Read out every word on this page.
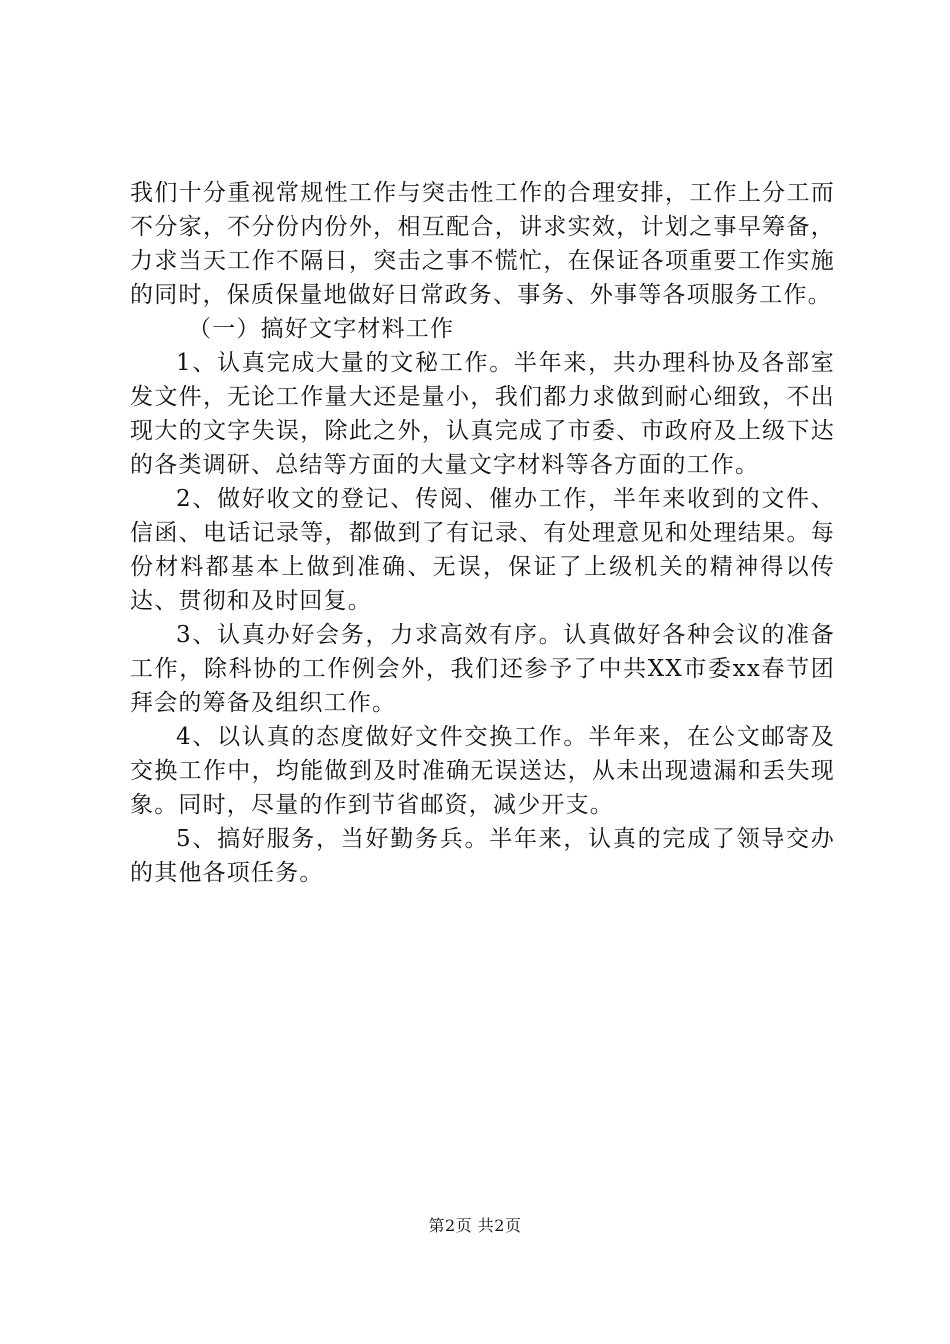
我们十分重视常规性工作与突击性工作的合理安排，工作上分工而不分家，不分份内份外，相互配合，讲求实效，计划之事早筹备，力求当天工作不隔日，突击之事不慌忙，在保证各项重要工作实施的同时，保质保量地做好日常政务、事务、外事等各项服务工作。

（一）搞好文字材料工作

1、认真完成大量的文秘工作。半年来，共办理科协及各部室发文件，无论工作量大还是量小，我们都力求做到耐心细致，不出现大的文字失误，除此之外，认真完成了市委、市政府及上级下达的各类调研、总结等方面的大量文字材料等各方面的工作。

2、做好收文的登记、传阅、催办工作，半年来收到的文件、信函、电话记录等，都做到了有记录、有处理意见和处理结果。每份材料都基本上做到准确、无误，保证了上级机关的精神得以传达、贯彻和及时回复。

3、认真办好会务，力求高效有序。认真做好各种会议的准备工作，除科协的工作例会外，我们还参予了中共XX市委xx春节团拜会的筹备及组织工作。

4、以认真的态度做好文件交换工作。半年来，在公文邮寄及交换工作中，均能做到及时准确无误送达，从未出现遗漏和丢失现象。同时，尽量的作到节省邮资，减少开支。

5、搞好服务，当好勤务兵。半年来，认真的完成了领导交办的其他各项任务。

第2页 共2页
